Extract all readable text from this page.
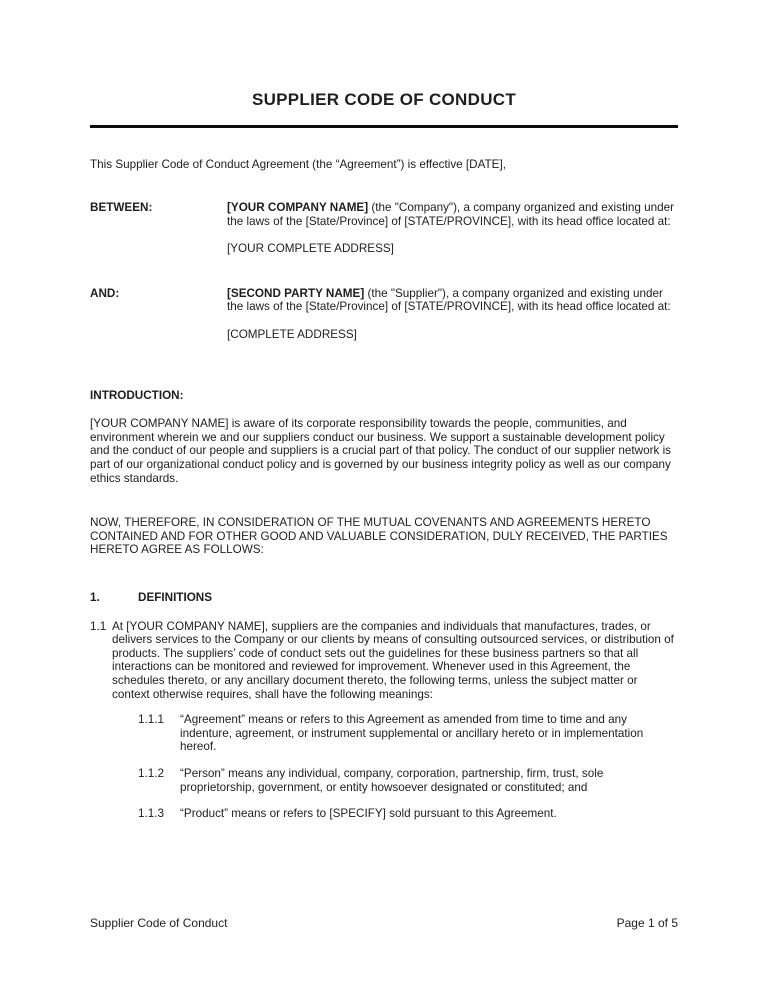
SUPPLIER CODE OF CONDUCT

This Supplier Code of Conduct Agreement (the “Agreement”) is effective [DATE],

BETWEEN:	[YOUR COMPANY NAME] (the "Company"), a company organized and existing under the laws of the [State/Province] of [STATE/PROVINCE], with its head office located at:

[YOUR COMPLETE ADDRESS]

AND:	[SECOND PARTY NAME] (the "Supplier"), a company organized and existing under the laws of the [State/Province] of [STATE/PROVINCE], with its head office located at:

[COMPLETE ADDRESS]

INTRODUCTION:

[YOUR COMPANY NAME] is aware of its corporate responsibility towards the people, communities, and environment wherein we and our suppliers conduct our business. We support a sustainable development policy and the conduct of our people and suppliers is a crucial part of that policy. The conduct of our supplier network is part of our organizational conduct policy and is governed by our business integrity policy as well as our company ethics standards.

NOW, THEREFORE, IN CONSIDERATION OF THE MUTUAL COVENANTS AND AGREEMENTS HERETO CONTAINED AND FOR OTHER GOOD AND VALUABLE CONSIDERATION, DULY RECEIVED, THE PARTIES HERETO AGREE AS FOLLOWS:

1.	DEFINITIONS
1.1 At [YOUR COMPANY NAME], suppliers are the companies and individuals that manufactures, trades, or delivers services to the Company or our clients by means of consulting outsourced services, or distribution of products. The suppliers’ code of conduct sets out the guidelines for these business partners so that all interactions can be monitored and reviewed for improvement. Whenever used in this Agreement, the schedules thereto, or any ancillary document thereto, the following terms, unless the subject matter or context otherwise requires, shall have the following meanings:

1.1.1	“Agreement” means or refers to this Agreement as amended from time to time and any indenture, agreement, or instrument supplemental or ancillary hereto or in implementation hereof.

1.1.2	“Person” means any individual, company, corporation, partnership, firm, trust, sole proprietorship, government, or entity howsoever designated or constituted; and

1.1.3	“Product” means or refers to [SPECIFY] sold pursuant to this Agreement.

Supplier Code of Conduct	Page 1 of 5
